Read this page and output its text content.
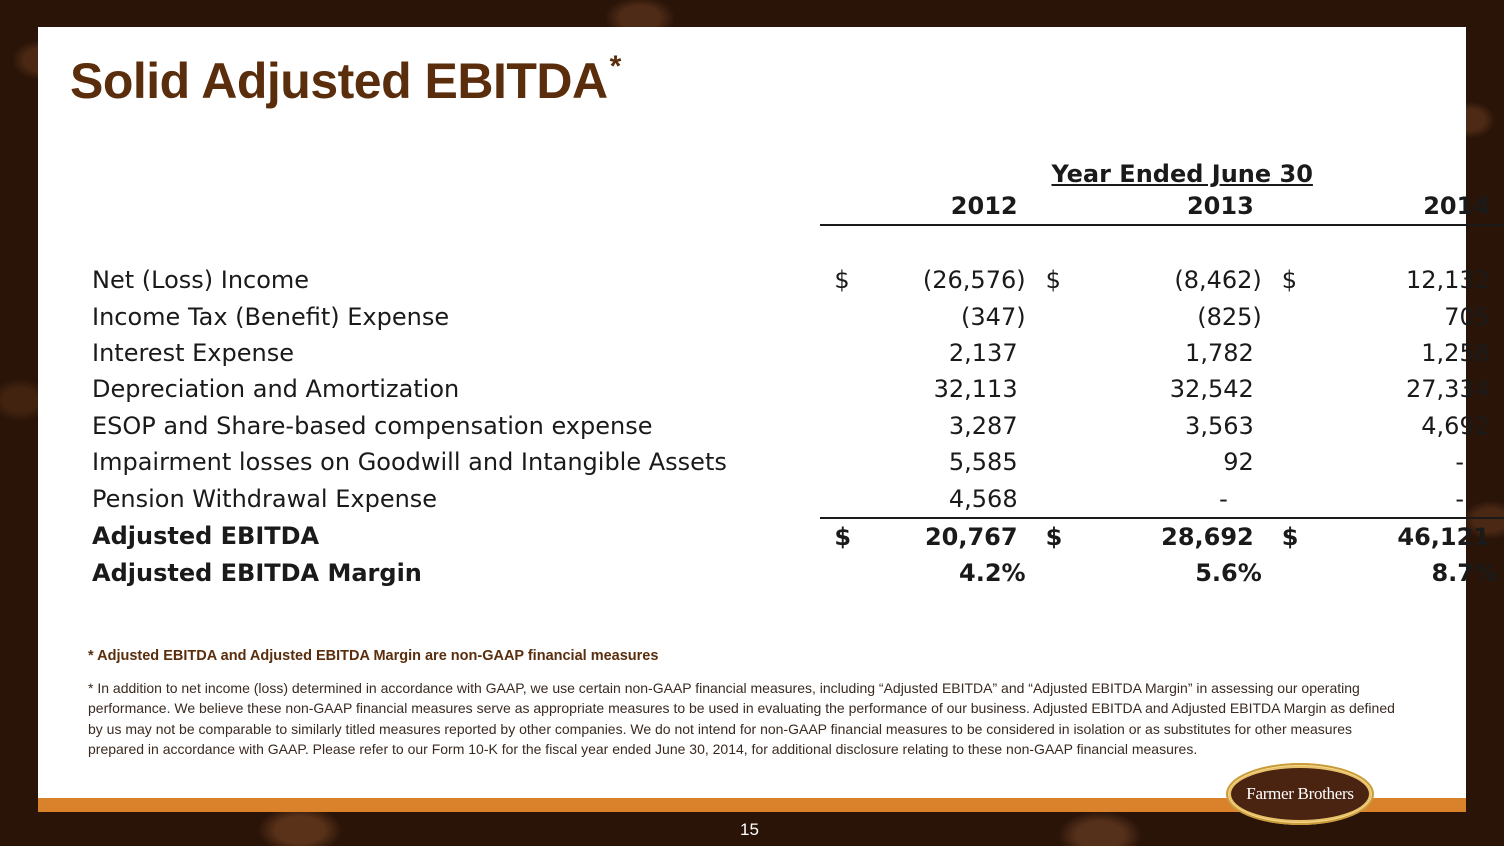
Solid Adjusted EBITDA*
	Year Ended June 30					
		2012		2013		2014

Net (Loss) Income	$	(26,576)	$	(8,462)	$	12,132
Income Tax (Benefit) Expense		(347)		(825)		705
Interest Expense		2,137		1,782		1,258
Depreciation and Amortization		32,113		32,542		27,334
ESOP and Share-based compensation expense		3,287		3,563		4,692
Impairment losses on Goodwill and Intangible Assets		5,585		92		-
Pension Withdrawal Expense		4,568		-		-
Adjusted EBITDA	$	20,767	$	28,692	$	46,121
Adjusted EBITDA Margin		4.2%		5.6%		8.7%
* Adjusted EBITDA and Adjusted EBITDA Margin are non-GAAP financial measures
* In addition to net income (loss) determined in accordance with GAAP, we use certain non-GAAP financial measures, including “Adjusted EBITDA” and “Adjusted EBITDA Margin” in assessing our operating performance. We believe these non-GAAP financial measures serve as appropriate measures to be used in evaluating the performance of our business. Adjusted EBITDA and Adjusted EBITDA Margin as defined by us may not be comparable to similarly titled measures reported by other companies. We do not intend for non-GAAP financial measures to be considered in isolation or as substitutes for other measures prepared in accordance with GAAP. Please refer to our Form 10-K for the fiscal year ended June 30, 2014, for additional disclosure relating to these non-GAAP financial measures.
Farmer Brothers
15
